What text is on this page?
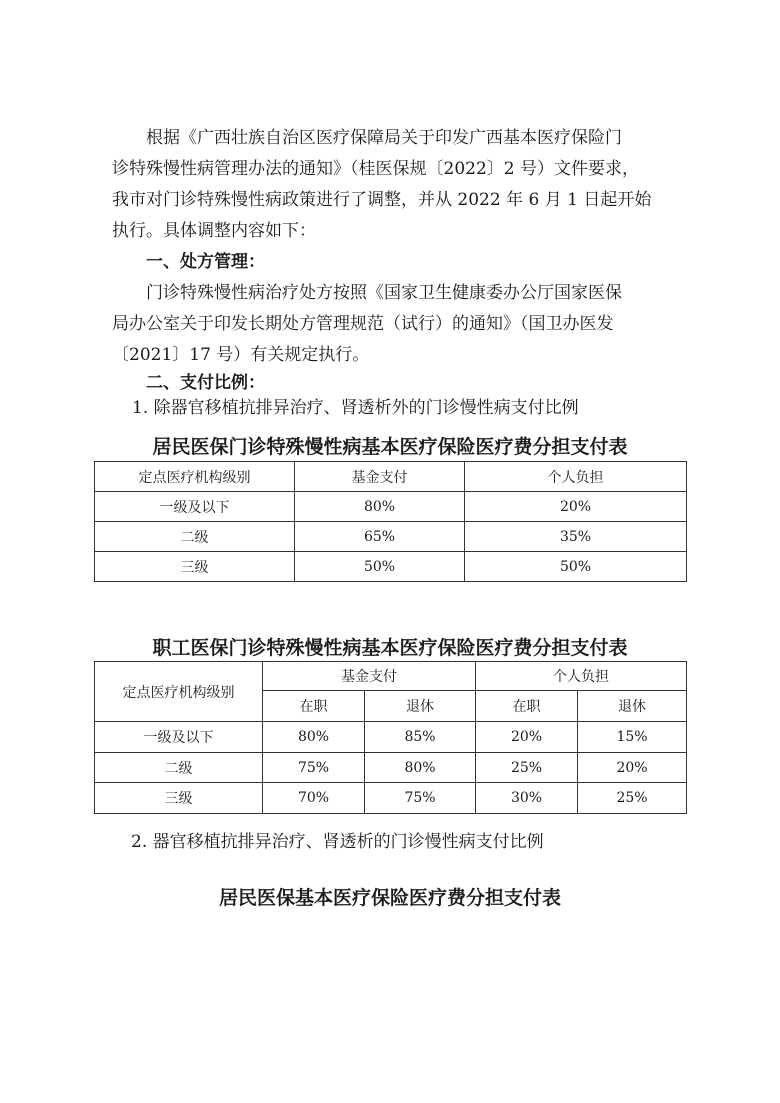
根据《广西壮族自治区医疗保障局关于印发广西基本医疗保险门
诊特殊慢性病管理办法的通知》（桂医保规〔2022〕2 号）文件要求，
我市对门诊特殊慢性病政策进行了调整，并从 2022 年 6 月 1 日起开始
执行。具体调整内容如下：
一、处方管理：
门诊特殊慢性病治疗处方按照《国家卫生健康委办公厅国家医保
局办公室关于印发长期处方管理规范（试行）的通知》（国卫办医发
〔2021〕17 号）有关规定执行。
二、支付比例：
1. 除器官移植抗排异治疗、肾透析外的门诊慢性病支付比例
居民医保门诊特殊慢性病基本医疗保险医疗费分担支付表
定点医疗机构级别	基金支付	个人负担
一级及以下	80%	20%
二级	65%	35%
三级	50%	50%
职工医保门诊特殊慢性病基本医疗保险医疗费分担支付表
定点医疗机构级别	基金支付		个人负担	
	在职	退休	在职	退休
一级及以下	80%	85%	20%	15%
二级	75%	80%	25%	20%
三级	70%	75%	30%	25%
2. 器官移植抗排异治疗、肾透析的门诊慢性病支付比例
居民医保基本医疗保险医疗费分担支付表
